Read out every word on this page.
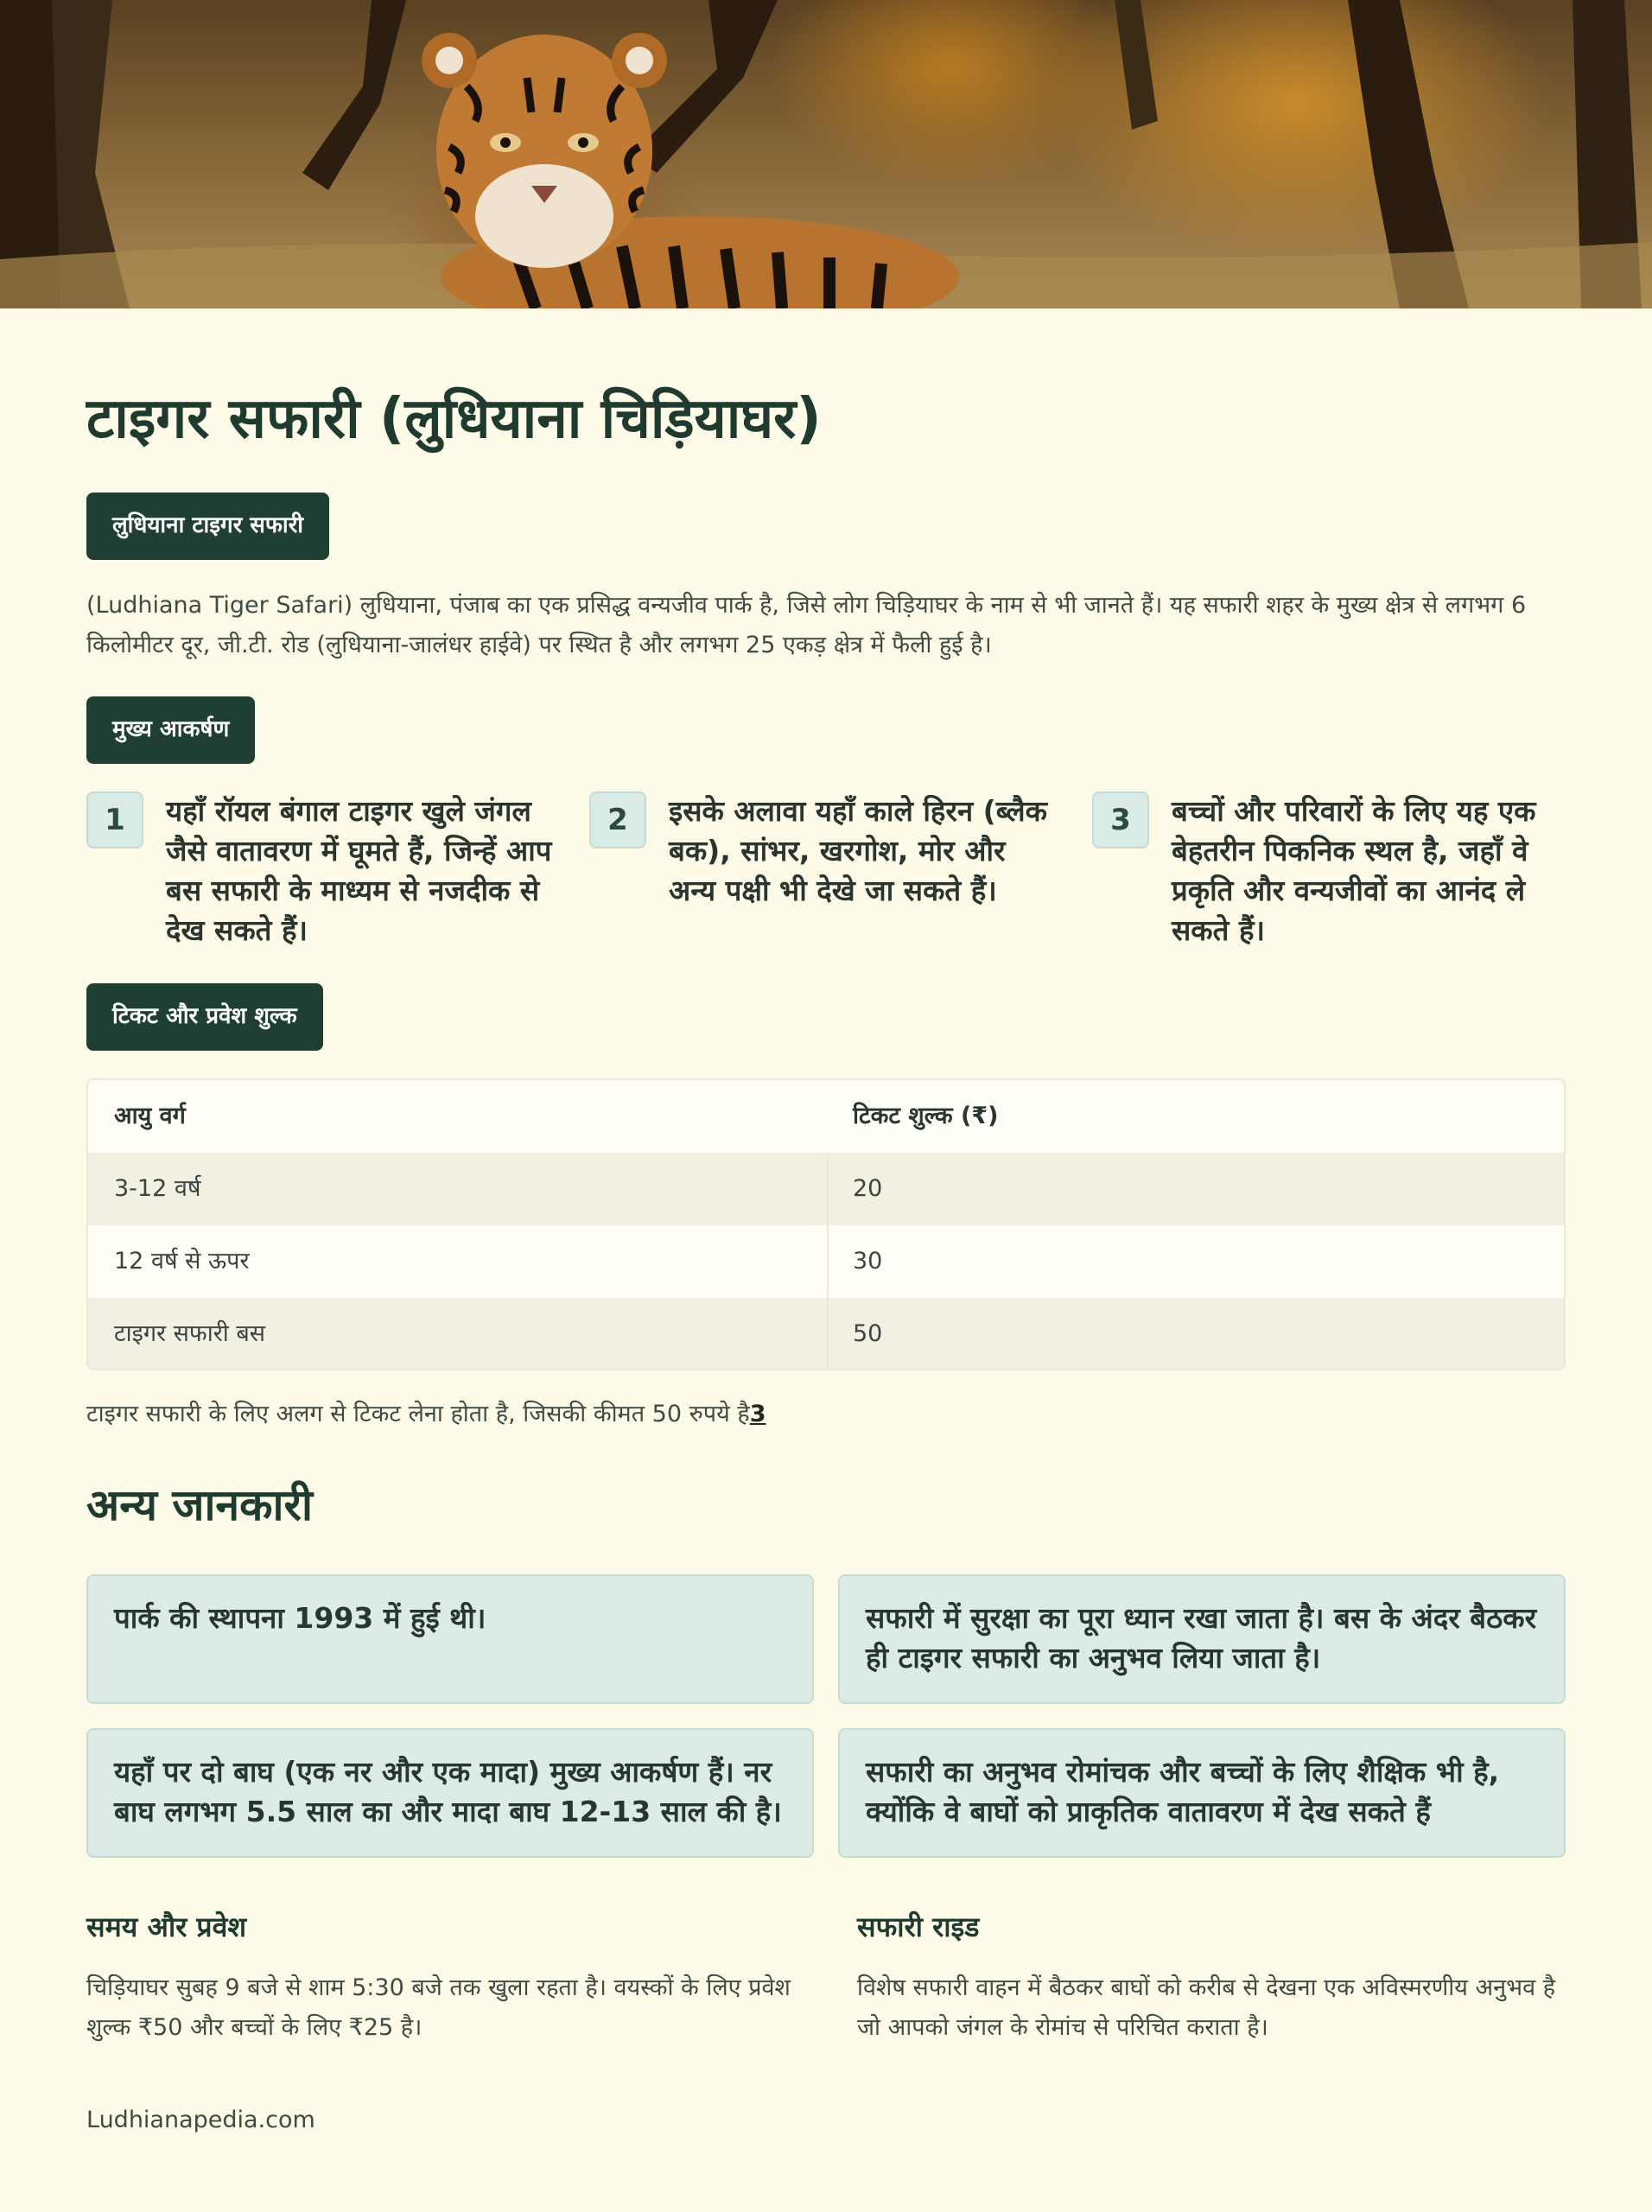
टाइगर सफारी (लुधियाना चिड़ियाघर)
लुधियाना टाइगर सफारी

(Ludhiana Tiger Safari) लुधियाना, पंजाब का एक प्रसिद्ध वन्यजीव पार्क है, जिसे लोग चिड़ियाघर के नाम से भी जानते हैं। यह सफारी शहर के मुख्य क्षेत्र से लगभग 6 किलोमीटर दूर, जी.टी. रोड (लुधियाना-जालंधर हाईवे) पर स्थित है और लगभग 25 एकड़ क्षेत्र में फैली हुई है।

मुख्य आकर्षण
1	यहाँ रॉयल बंगाल टाइगर खुले जंगल जैसे वातावरण में घूमते हैं, जिन्हें आप बस सफारी के माध्यम से नजदीक से देख सकते हैं।
2	इसके अलावा यहाँ काले हिरन (ब्लैक बक), सांभर, खरगोश, मोर और अन्य पक्षी भी देखे जा सकते हैं।
3	बच्चों और परिवारों के लिए यह एक बेहतरीन पिकनिक स्थल है, जहाँ वे प्रकृति और वन्यजीवों का आनंद ले सकते हैं।
टिकट और प्रवेश शुल्क
आयु वर्ग	टिकट शुल्क (₹)
3-12 वर्ष	20
12 वर्ष से ऊपर	30
टाइगर सफारी बस	50

टाइगर सफारी के लिए अलग से टिकट लेना होता है, जिसकी कीमत 50 रुपये है3

अन्य जानकारी
पार्क की स्थापना 1993 में हुई थी।	सफारी में सुरक्षा का पूरा ध्यान रखा जाता है। बस के अंदर बैठकर ही टाइगर सफारी का अनुभव लिया जाता है।
यहाँ पर दो बाघ (एक नर और एक मादा) मुख्य आकर्षण हैं। नर बाघ लगभग 5.5 साल का और मादा बाघ 12-13 साल की है।
सफारी का अनुभव रोमांचक और बच्चों के लिए शैक्षिक भी है, क्योंकि वे बाघों को प्राकृतिक वातावरण में देख सकते हैं
समय और प्रवेश

चिड़ियाघर सुबह 9 बजे से शाम 5:30 बजे तक खुला रहता है। वयस्कों के लिए प्रवेश शुल्क ₹50 और बच्चों के लिए ₹25 है।

सफारी राइड

विशेष सफारी वाहन में बैठकर बाघों को करीब से देखना एक अविस्मरणीय अनुभव है जो आपको जंगल के रोमांच से परिचित कराता है।

Ludhianapedia.com
